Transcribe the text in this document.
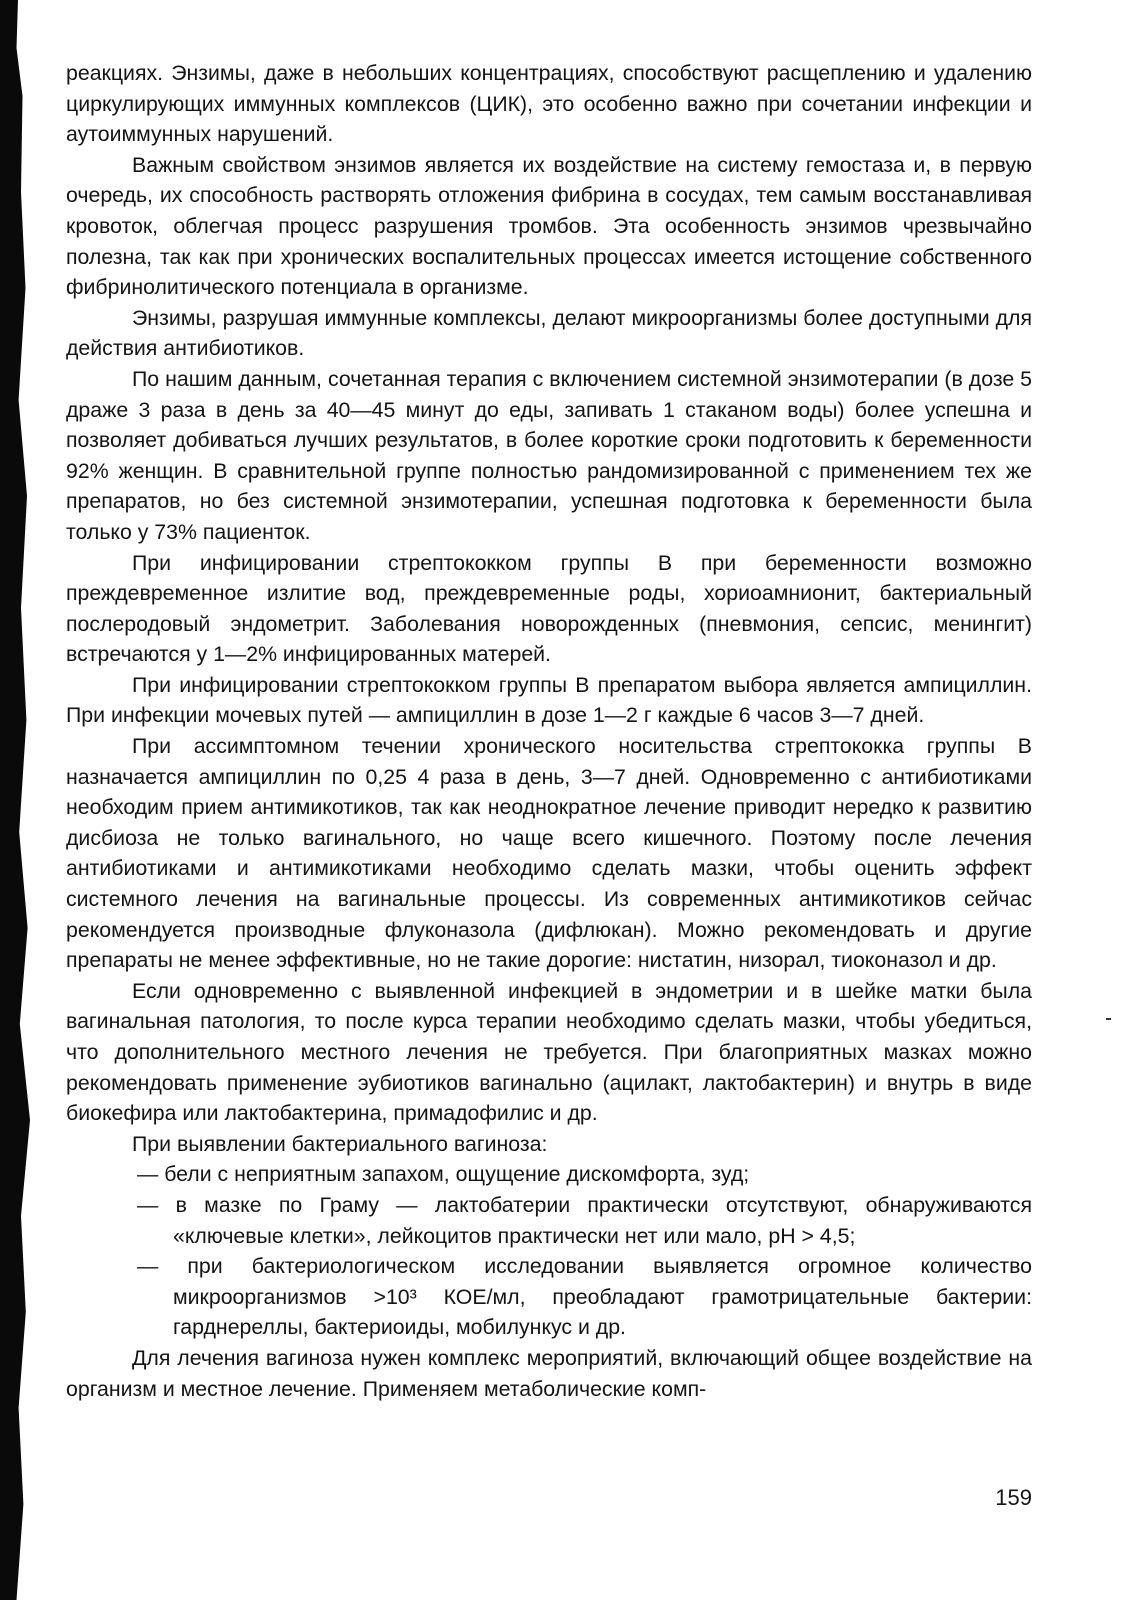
реакциях. Энзимы, даже в небольших концентрациях, способствуют расщеплению и удалению циркулирующих иммунных комплексов (ЦИК), это особенно важно при сочетании инфекции и аутоиммунных нарушений.

Важным свойством энзимов является их воздействие на систему гемостаза и, в первую очередь, их способность растворять отложения фибрина в сосудах, тем самым восстанавливая кровоток, облегчая процесс разрушения тромбов. Эта особенность энзимов чрезвычайно полезна, так как при хронических воспалительных процессах имеется истощение собственного фибринолитического потенциала в организме.

Энзимы, разрушая иммунные комплексы, делают микроорганизмы более доступными для действия антибиотиков.

По нашим данным, сочетанная терапия с включением системной энзимотерапии (в дозе 5 драже 3 раза в день за 40—45 минут до еды, запивать 1 стаканом воды) более успешна и позволяет добиваться лучших результатов, в более короткие сроки подготовить к беременности 92% женщин. В сравнительной группе полностью рандомизированной с применением тех же препаратов, но без системной энзимотерапии, успешная подготовка к беременности была только у 73% пациенток.

При инфицировании стрептококком группы В при беременности возможно преждевременное излитие вод, преждевременные роды, хориоамнионит, бактериальный послеродовый эндометрит. Заболевания новорожденных (пневмония, сепсис, менингит) встречаются у 1—2% инфицированных матерей.

При инфицировании стрептококком группы В препаратом выбора является ампициллин. При инфекции мочевых путей — ампициллин в дозе 1—2 г каждые 6 часов 3—7 дней.

При ассимптомном течении хронического носительства стрептококка группы В назначается ампициллин по 0,25 4 раза в день, 3—7 дней. Одновременно с антибиотиками необходим прием антимикотиков, так как неоднократное лечение приводит нередко к развитию дисбиоза не только вагинального, но чаще всего кишечного. Поэтому после лечения антибиотиками и антимикотиками необходимо сделать мазки, чтобы оценить эффект системного лечения на вагинальные процессы. Из современных антимикотиков сейчас рекомендуется производные флуконазола (дифлюкан). Можно рекомендовать и другие препараты не менее эффективные, но не такие дорогие: нистатин, низорал, тиоконазол и др.

Если одновременно с выявленной инфекцией в эндометрии и в шейке матки была вагинальная патология, то после курса терапии необходимо сделать мазки, чтобы убедиться, что дополнительного местного лечения не требуется. При благоприятных мазках можно рекомендовать применение эубиотиков вагинально (ацилакт, лактобактерин) и внутрь в виде биокефира или лактобактерина, примадофилис и др.

При выявлении бактериального вагиноза:

— бели с неприятным запахом, ощущение дискомфорта, зуд;

— в мазке по Граму — лактобатерии практически отсутствуют, обнаруживаются «ключевые клетки», лейкоцитов практически нет или мало, рН > 4,5;

— при бактериологическом исследовании выявляется огромное количество микроорганизмов >10³ КОЕ/мл, преобладают грамотрицательные бактерии: гарднереллы, бактериоиды, мобилункус и др.

Для лечения вагиноза нужен комплекс мероприятий, включающий общее воздействие на организм и местное лечение. Применяем метаболические комп-

159
